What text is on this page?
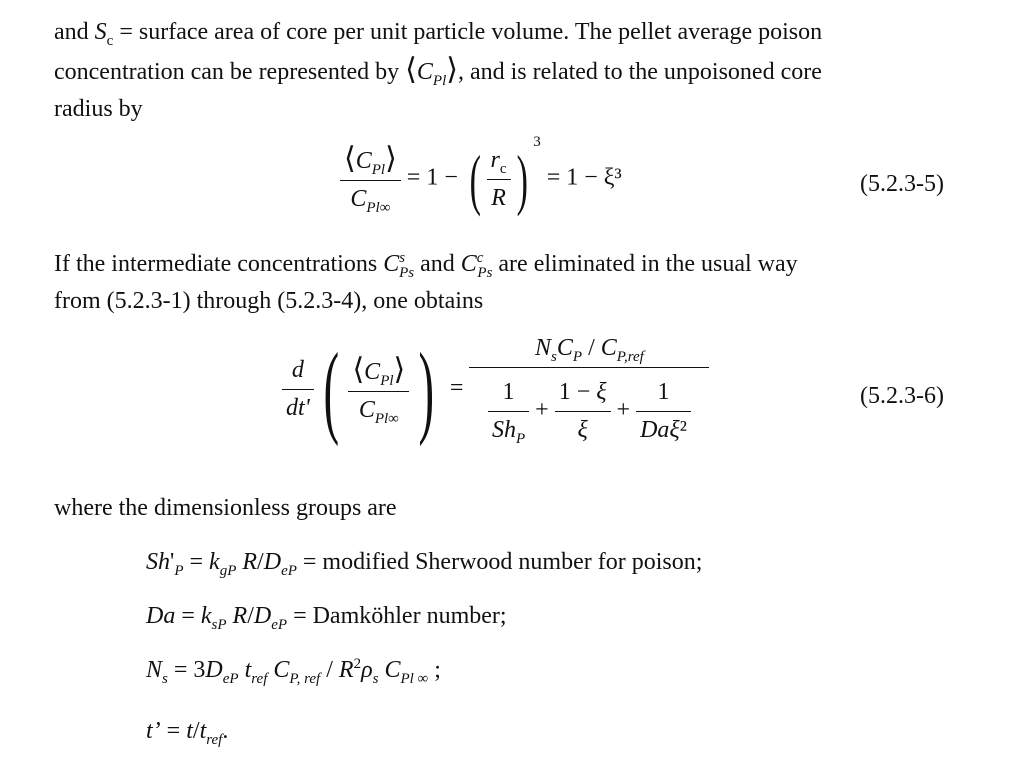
and $S_c$ = surface area of core per unit particle volume. The pellet average poison
concentration can be represented by $⟨C_{Pl}⟩$, and is related to the unpoisoned core
radius by
$\frac{⟨C_{Pl}⟩}{C_{Pl\infty}} = 1$ − ( $\frac{r_c}{R}$ ) $^3$ = 1 − ξ³	(5.2.3-5)
If the intermediate concentrations $C^s_{Ps}$ and $C^c_{Ps}$ are eliminated in the usual way
from (5.2.3-1) through (5.2.3-4), one obtains
$\frac{d}{dt'}$ ( $\frac{⟨C_{Pl}⟩}{C_{Pl\infty}}$ ) =
$N_sC_P / C_{P,ref}$
$\frac{1}{Sh_P} + \frac{1 - \xi}{\xi} + \frac{1}{\text{Daξ²}}$	(5.2.3-6)
where the dimensionless groups are
$Sh'_P = k_{gP}$ $R/D_{eP}$ = modified Sherwood number for poison;
$Da = k_{sP}$ $R/D_{eP}$ = Damköhler number;
$N_s = 3D_{eP}$ $t_{ref}$ $C_{P, ref} / R^2\rho_s$ $C_{Pl \infty}$ ;
t’ = $t/t_{ref}$.
